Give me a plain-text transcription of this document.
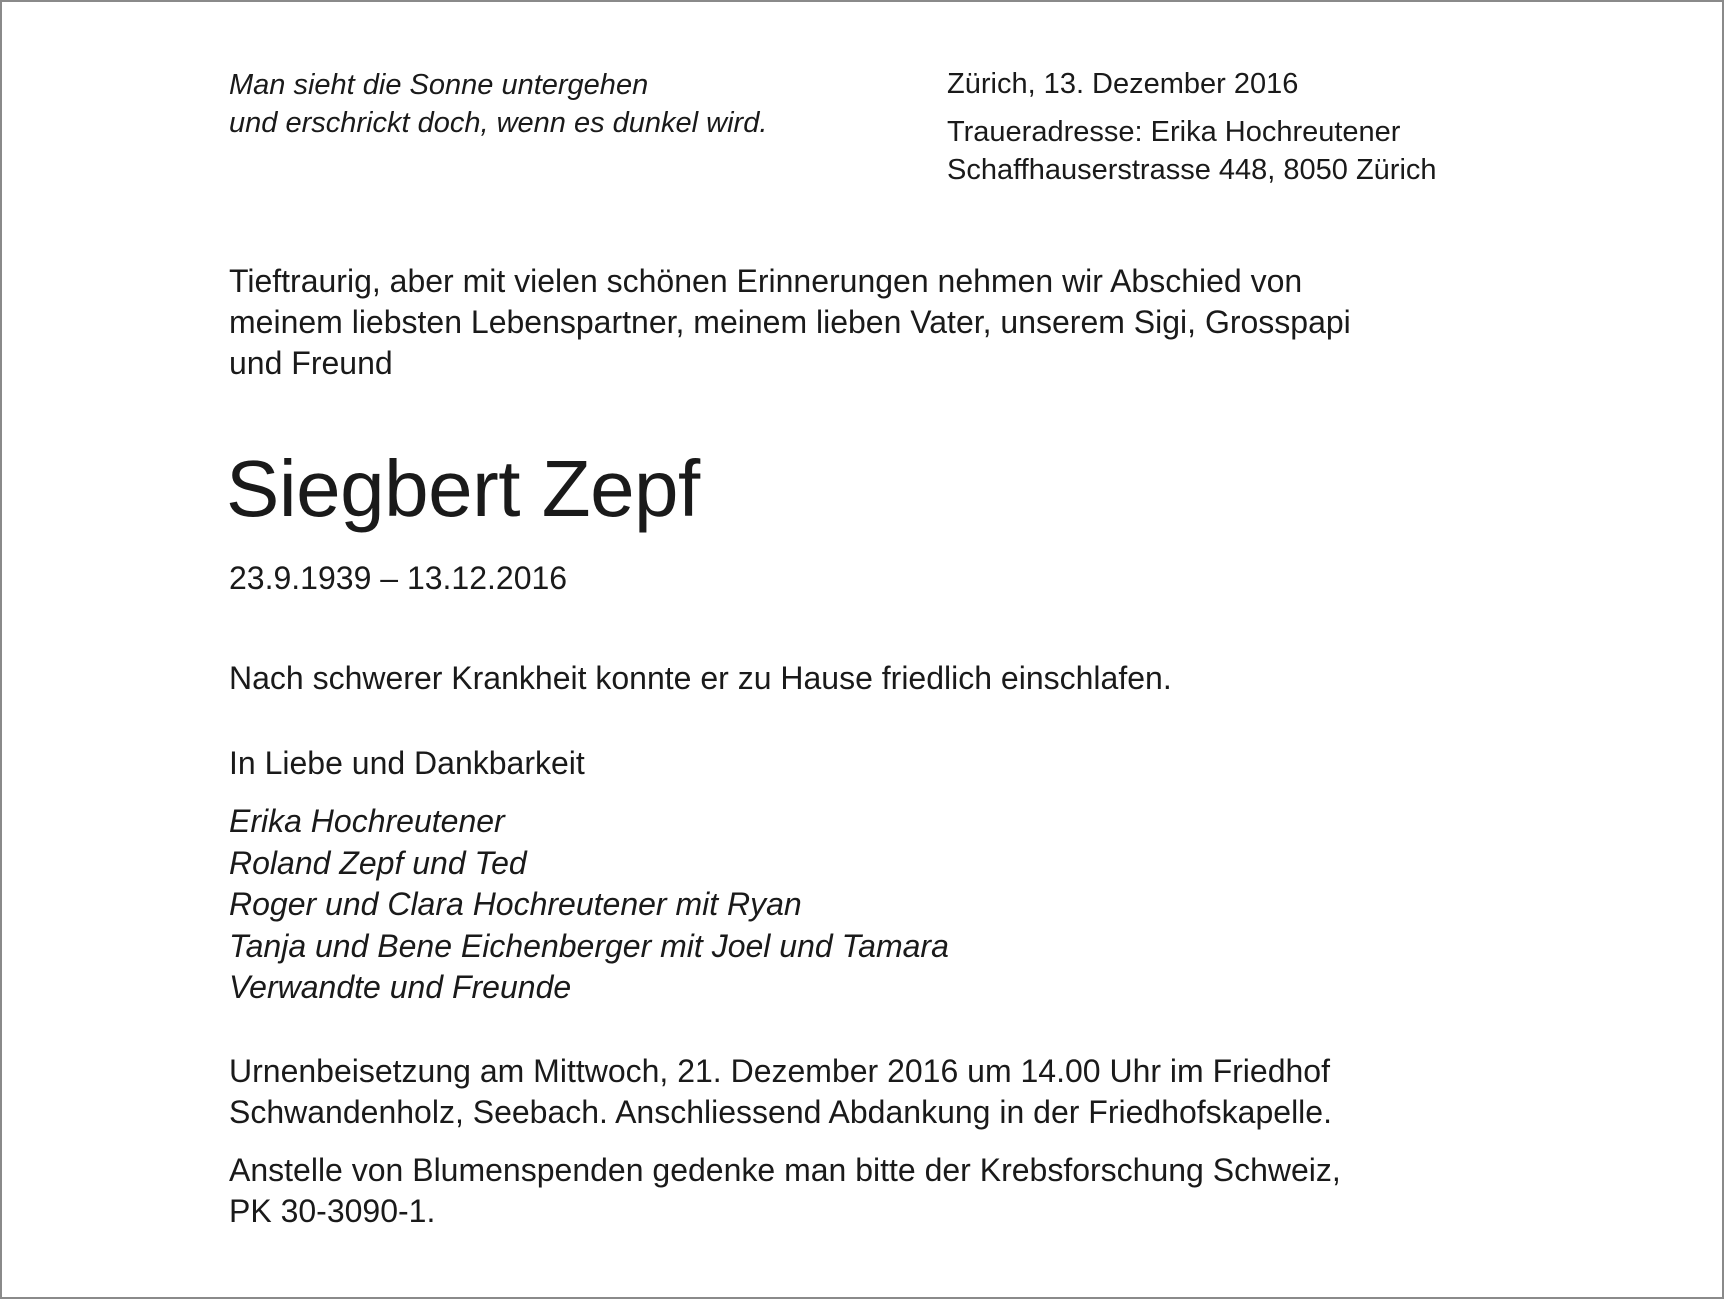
Man sieht die Sonne untergehen
und erschrickt doch, wenn es dunkel wird.
Zürich, 13. Dezember 2016
Traueradresse: Erika Hochreutener
Schaffhauserstrasse 448, 8050 Zürich
Tieftraurig, aber mit vielen schönen Erinnerungen nehmen wir Abschied von
meinem liebsten Lebenspartner, meinem lieben Vater, unserem Sigi, Grosspapi
und Freund
Siegbert Zepf
23.9.1939 – 13.12.2016
Nach schwerer Krankheit konnte er zu Hause friedlich einschlafen.
In Liebe und Dankbarkeit
Erika Hochreutener
Roland Zepf und Ted
Roger und Clara Hochreutener mit Ryan
Tanja und Bene Eichenberger mit Joel und Tamara
Verwandte und Freunde
Urnenbeisetzung am Mittwoch, 21. Dezember 2016 um 14.00 Uhr im Friedhof
Schwandenholz, Seebach. Anschliessend Abdankung in der Friedhofskapelle.
Anstelle von Blumenspenden gedenke man bitte der Krebsforschung Schweiz,
PK 30-3090-1.
